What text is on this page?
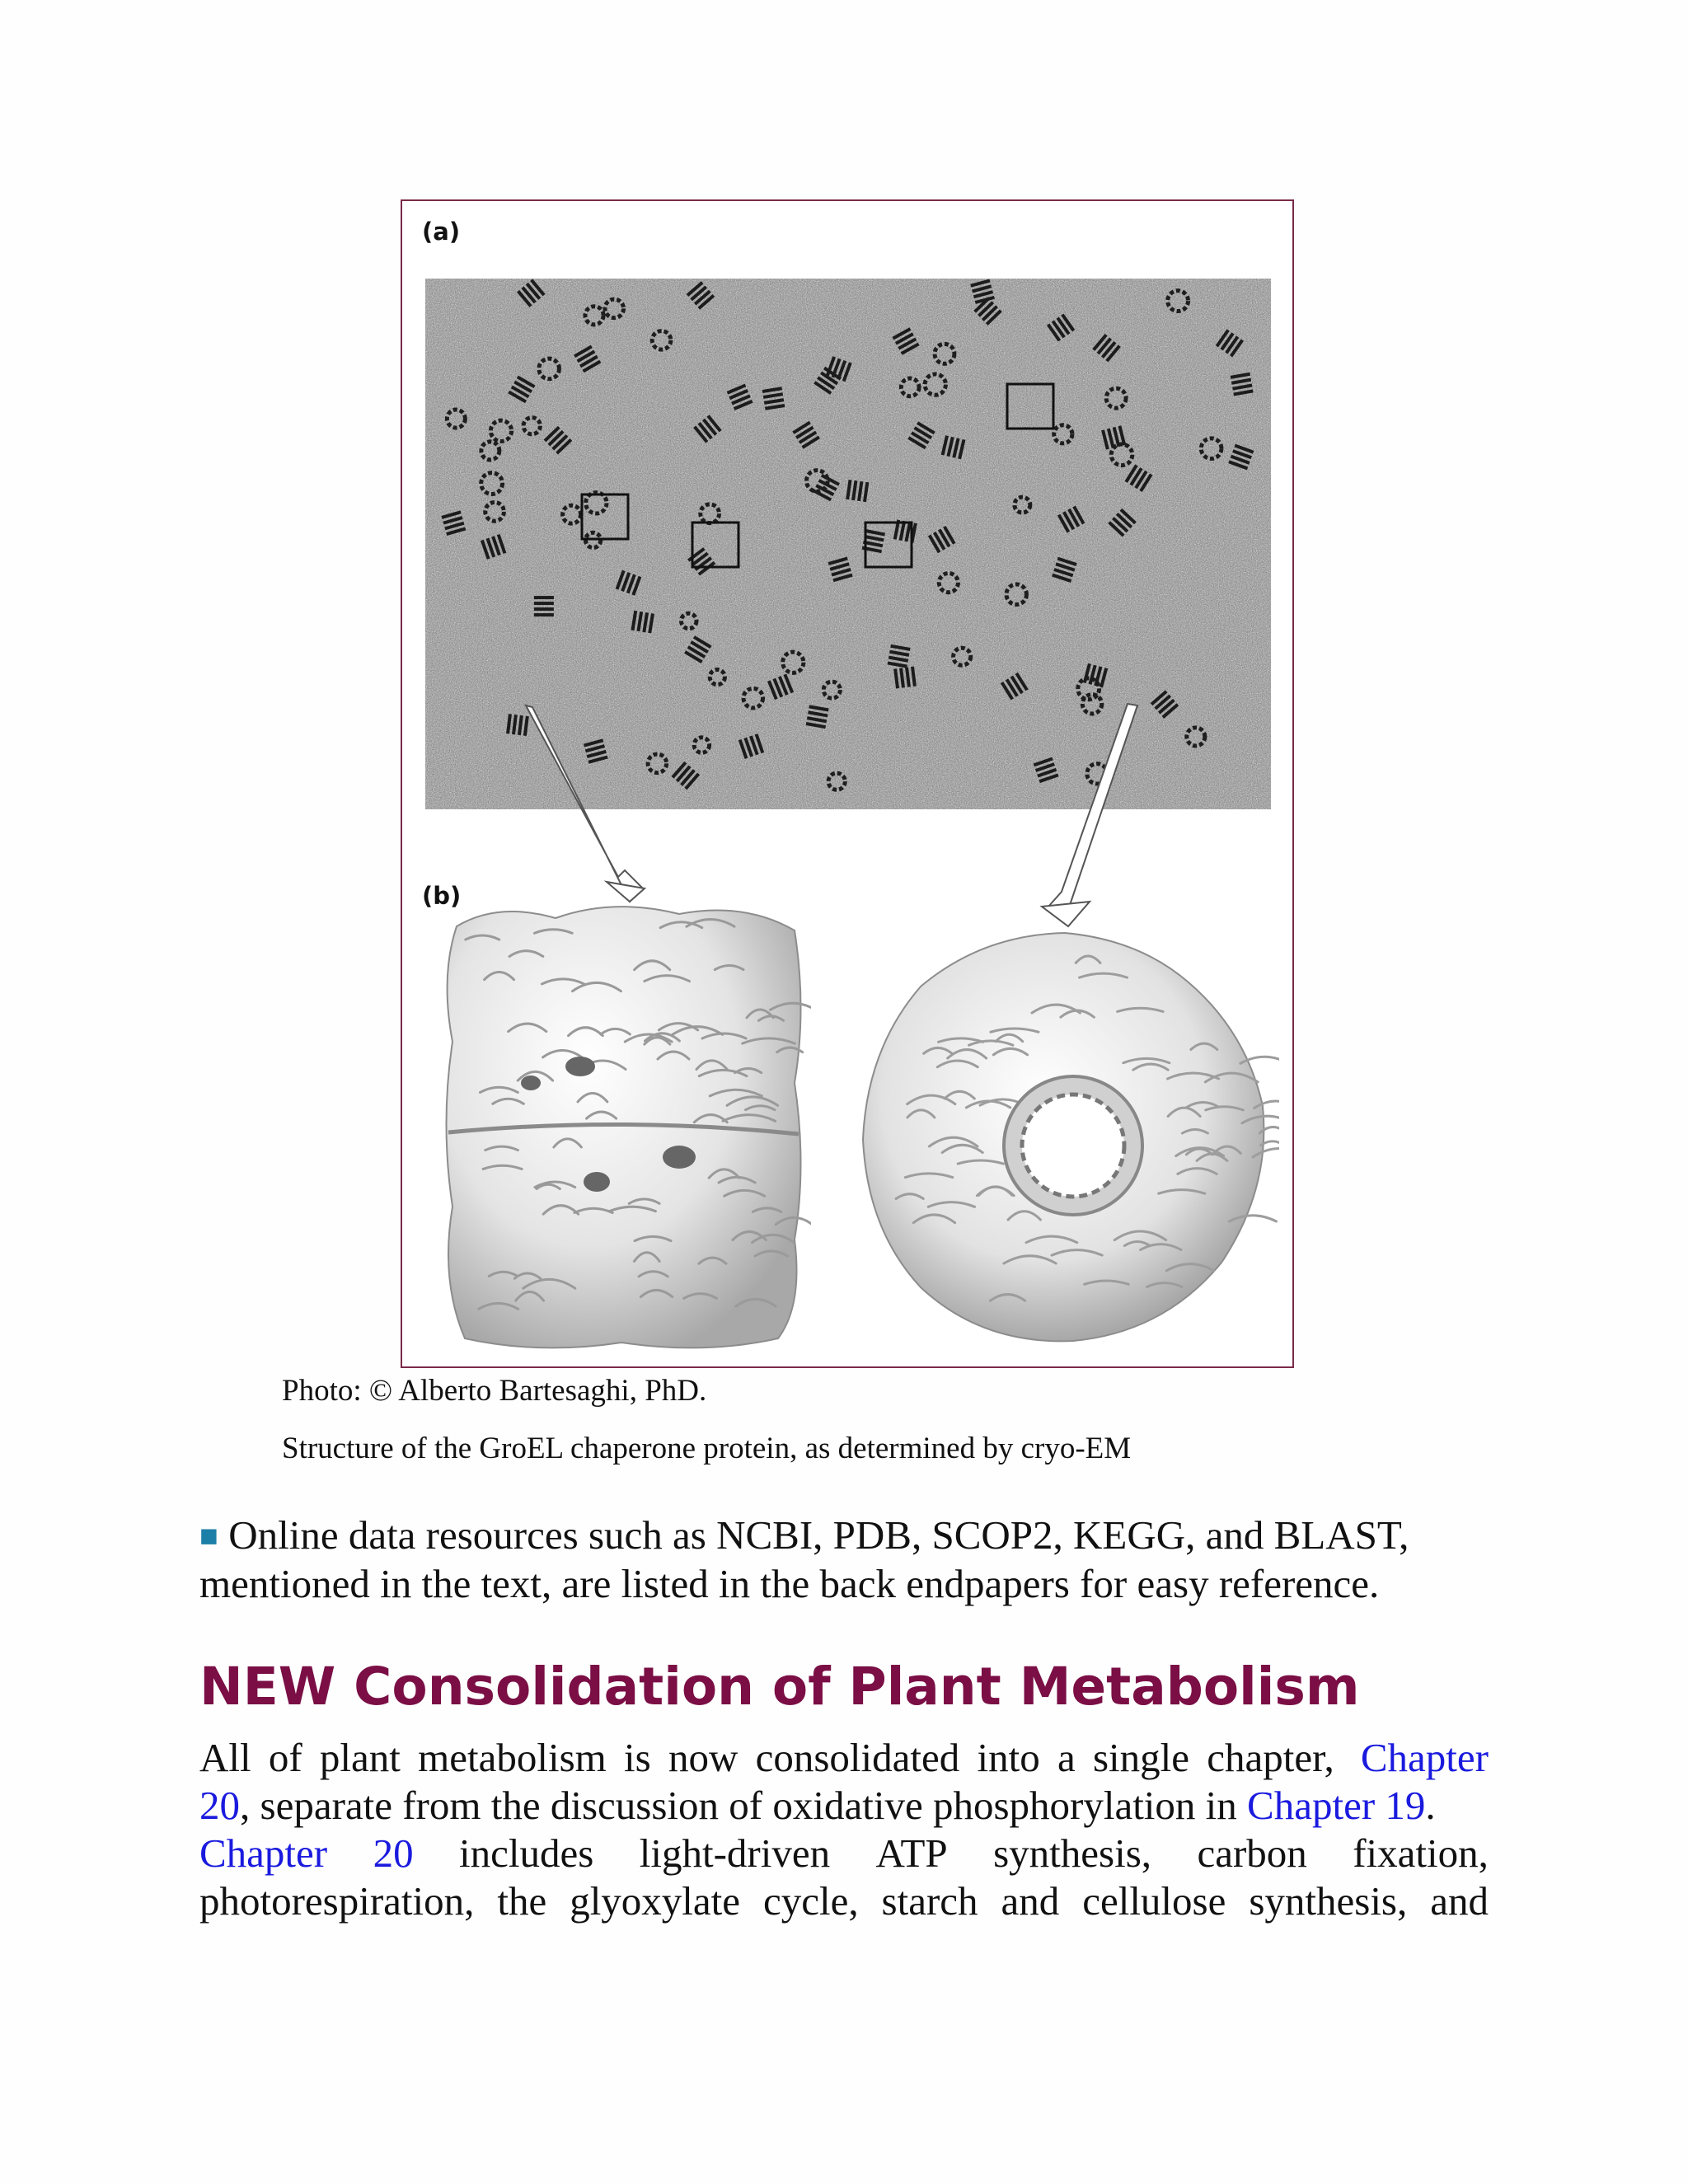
(a)
(b)
Photo: © Alberto Bartesaghi, PhD.
Structure of the GroEL chaperone protein, as determined by cryo-EM
■ Online data resources such as NCBI, PDB, SCOP2, KEGG, and BLAST,
mentioned in the text, are listed in the back endpapers for easy reference.
NEW Consolidation of Plant Metabolism
All of plant metabolism is now consolidated into a single chapter, Chapter
20, separate from the discussion of oxidative phosphorylation in Chapter 19.
Chapter 20 includes light-driven ATP synthesis, carbon fixation,
photorespiration, the glyoxylate cycle, starch and cellulose synthesis, and
